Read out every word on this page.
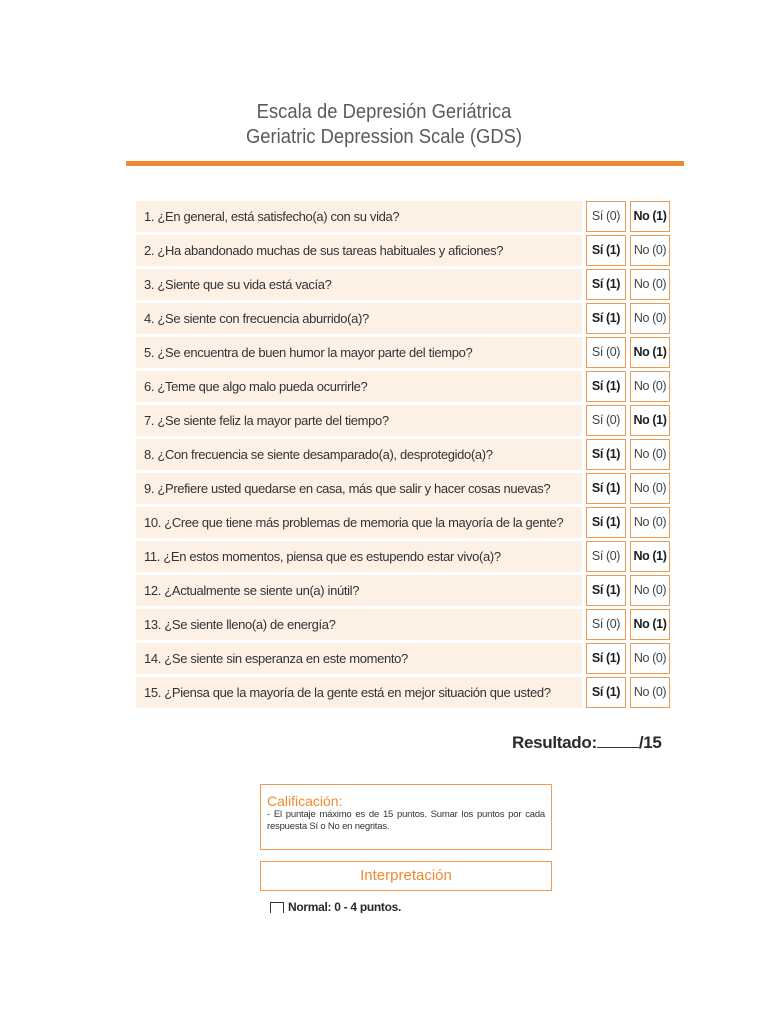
Escala de Depresión Geriátrica
Geriatric Depression Scale (GDS)
1. ¿En general, está satisfecho(a) con su vida?	Sí (0)	No (1)
2. ¿Ha abandonado muchas de sus tareas habituales y aficiones?	Sí (1)	No (0)
3. ¿Siente que su vida está vacía?	Sí (1)	No (0)
4. ¿Se siente con frecuencia aburrido(a)?	Sí (1)	No (0)
5. ¿Se encuentra de buen humor la mayor parte del tiempo?	Sí (0)	No (1)
6. ¿Teme que algo malo pueda ocurrirle?	Sí (1)	No (0)
7. ¿Se siente feliz la mayor parte del tiempo?	Sí (0)	No (1)
8. ¿Con frecuencia se siente desamparado(a), desprotegido(a)?	Sí (1)	No (0)
9. ¿Prefiere usted quedarse en casa, más que salir y hacer cosas nuevas?	Sí (1)	No (0)
10. ¿Cree que tiene más problemas de memoria que la mayoría de la gente?	Sí (1)	No (0)
11. ¿En estos momentos, piensa que es estupendo estar vivo(a)?	Sí (0)	No (1)
12. ¿Actualmente se siente un(a) inútil?	Sí (1)	No (0)
13. ¿Se siente lleno(a) de energía?	Sí (0)	No (1)
14. ¿Se siente sin esperanza en este momento?	Sí (1)	No (0)
15. ¿Piensa que la mayoría de la gente está en mejor situación que usted?	Sí (1)	No (0)
Resultado: /15
Calificación:
- El puntaje máximo es de 15 puntos. Sumar los puntos por cada respuesta Sí o No en negritas.
Interpretación
Normal: 0 - 4 puntos.
